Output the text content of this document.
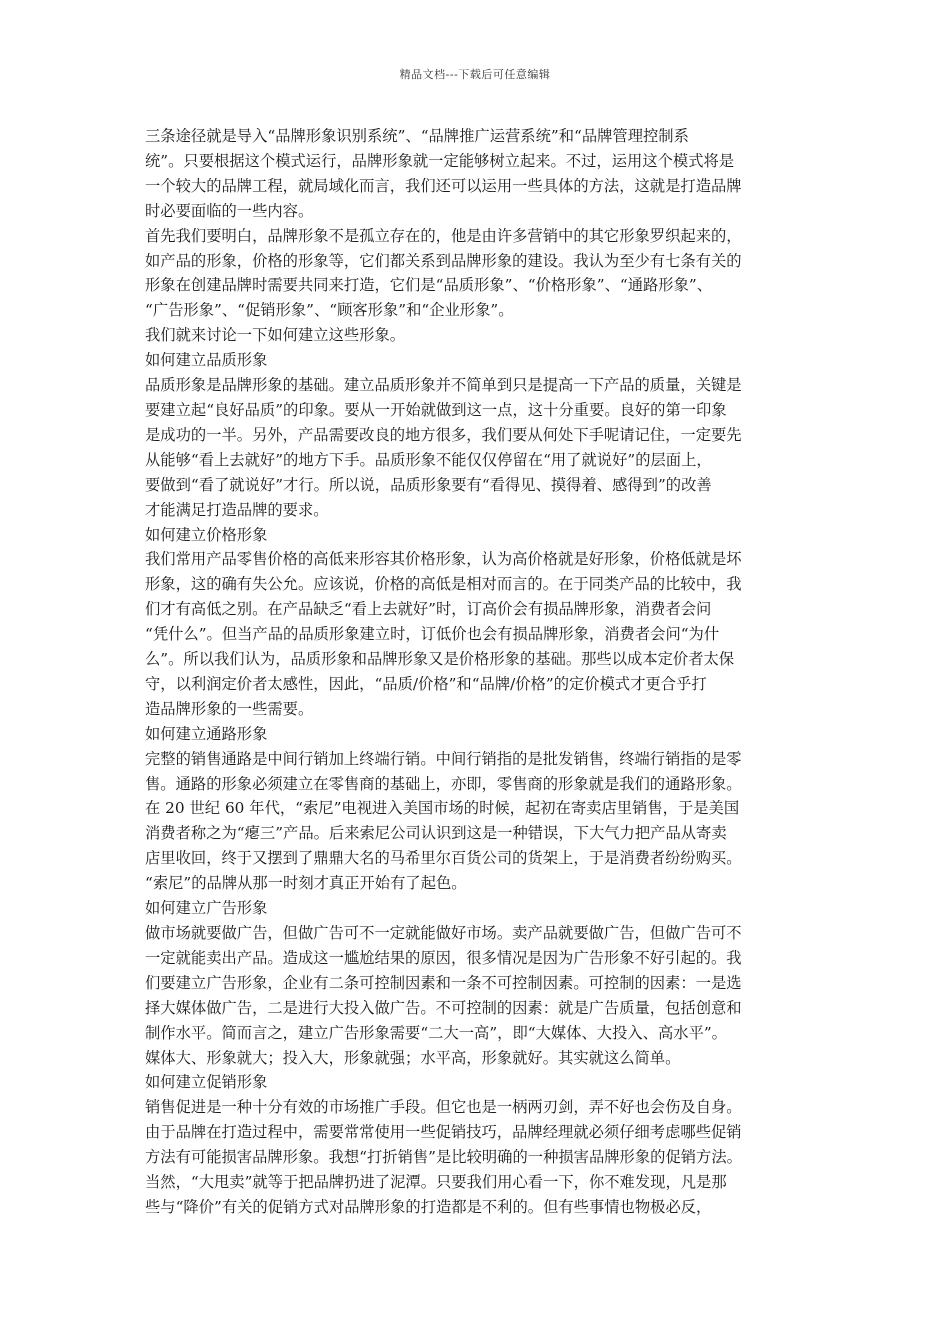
精品文档---下载后可任意编辑

三条途径就是导入“品牌形象识别系统”、“品牌推广运营系统”和“品牌管理控制系
统”。只要根据这个模式运行，品牌形象就一定能够树立起来。不过，运用这个模式将是
一个较大的品牌工程，就局域化而言，我们还可以运用一些具体的方法，这就是打造品牌
时必要面临的一些内容。

首先我们要明白，品牌形象不是孤立存在的，他是由许多营销中的其它形象罗织起来的，
如产品的形象，价格的形象等，它们都关系到品牌形象的建设。我认为至少有七条有关的
形象在创建品牌时需要共同来打造，它们是“品质形象”、“价格形象”、“通路形象”、
“广告形象”、“促销形象”、“顾客形象”和“企业形象”。

我们就来讨论一下如何建立这些形象。

如何建立品质形象

品质形象是品牌形象的基础。建立品质形象并不简单到只是提高一下产品的质量，关键是
要建立起“良好品质”的印象。要从一开始就做到这一点，这十分重要。良好的第一印象
是成功的一半。另外，产品需要改良的地方很多，我们要从何处下手呢请记住，一定要先
从能够“看上去就好”的地方下手。品质形象不能仅仅停留在“用了就说好”的层面上，
要做到“看了就说好”才行。所以说，品质形象要有“看得见、摸得着、感得到”的改善
才能满足打造品牌的要求。

如何建立价格形象

我们常用产品零售价格的高低来形容其价格形象，认为高价格就是好形象，价格低就是坏
形象，这的确有失公允。应该说，价格的高低是相对而言的。在于同类产品的比较中，我
们才有高低之别。在产品缺乏“看上去就好”时，订高价会有损品牌形象，消费者会问
“凭什么”。但当产品的品质形象建立时，订低价也会有损品牌形象，消费者会问“为什
么”。所以我们认为，品质形象和品牌形象又是价格形象的基础。那些以成本定价者太保
守，以利润定价者太感性，因此，“品质/价格”和“品牌/价格”的定价模式才更合乎打
造品牌形象的一些需要。

如何建立通路形象

完整的销售通路是中间行销加上终端行销。中间行销指的是批发销售，终端行销指的是零
售。通路的形象必须建立在零售商的基础上，亦即，零售商的形象就是我们的通路形象。
在 20 世纪 60 年代，“索尼”电视进入美国市场的时候，起初在寄卖店里销售，于是美国
消费者称之为“瘪三”产品。后来索尼公司认识到这是一种错误，下大气力把产品从寄卖
店里收回，终于又摆到了鼎鼎大名的马希里尔百货公司的货架上，于是消费者纷纷购买。
“索尼”的品牌从那一时刻才真正开始有了起色。

如何建立广告形象

做市场就要做广告，但做广告可不一定就能做好市场。卖产品就要做广告，但做广告可不
一定就能卖出产品。造成这一尴尬结果的原因，很多情况是因为广告形象不好引起的。我
们要建立广告形象，企业有二条可控制因素和一条不可控制因素。可控制的因素：一是选
择大媒体做广告，二是进行大投入做广告。不可控制的因素：就是广告质量，包括创意和
制作水平。简而言之，建立广告形象需要“二大一高”，即“大媒体、大投入、高水平”。
媒体大、形象就大；投入大，形象就强；水平高，形象就好。其实就这么简单。

如何建立促销形象

销售促进是一种十分有效的市场推广手段。但它也是一柄两刃剑，弄不好也会伤及自身。
由于品牌在打造过程中，需要常常使用一些促销技巧，品牌经理就必须仔细考虑哪些促销
方法有可能损害品牌形象。我想“打折销售”是比较明确的一种损害品牌形象的促销方法。
当然，“大甩卖”就等于把品牌扔进了泥潭。只要我们用心看一下，你不难发现，凡是那
些与“降价”有关的促销方式对品牌形象的打造都是不利的。但有些事情也物极必反，
